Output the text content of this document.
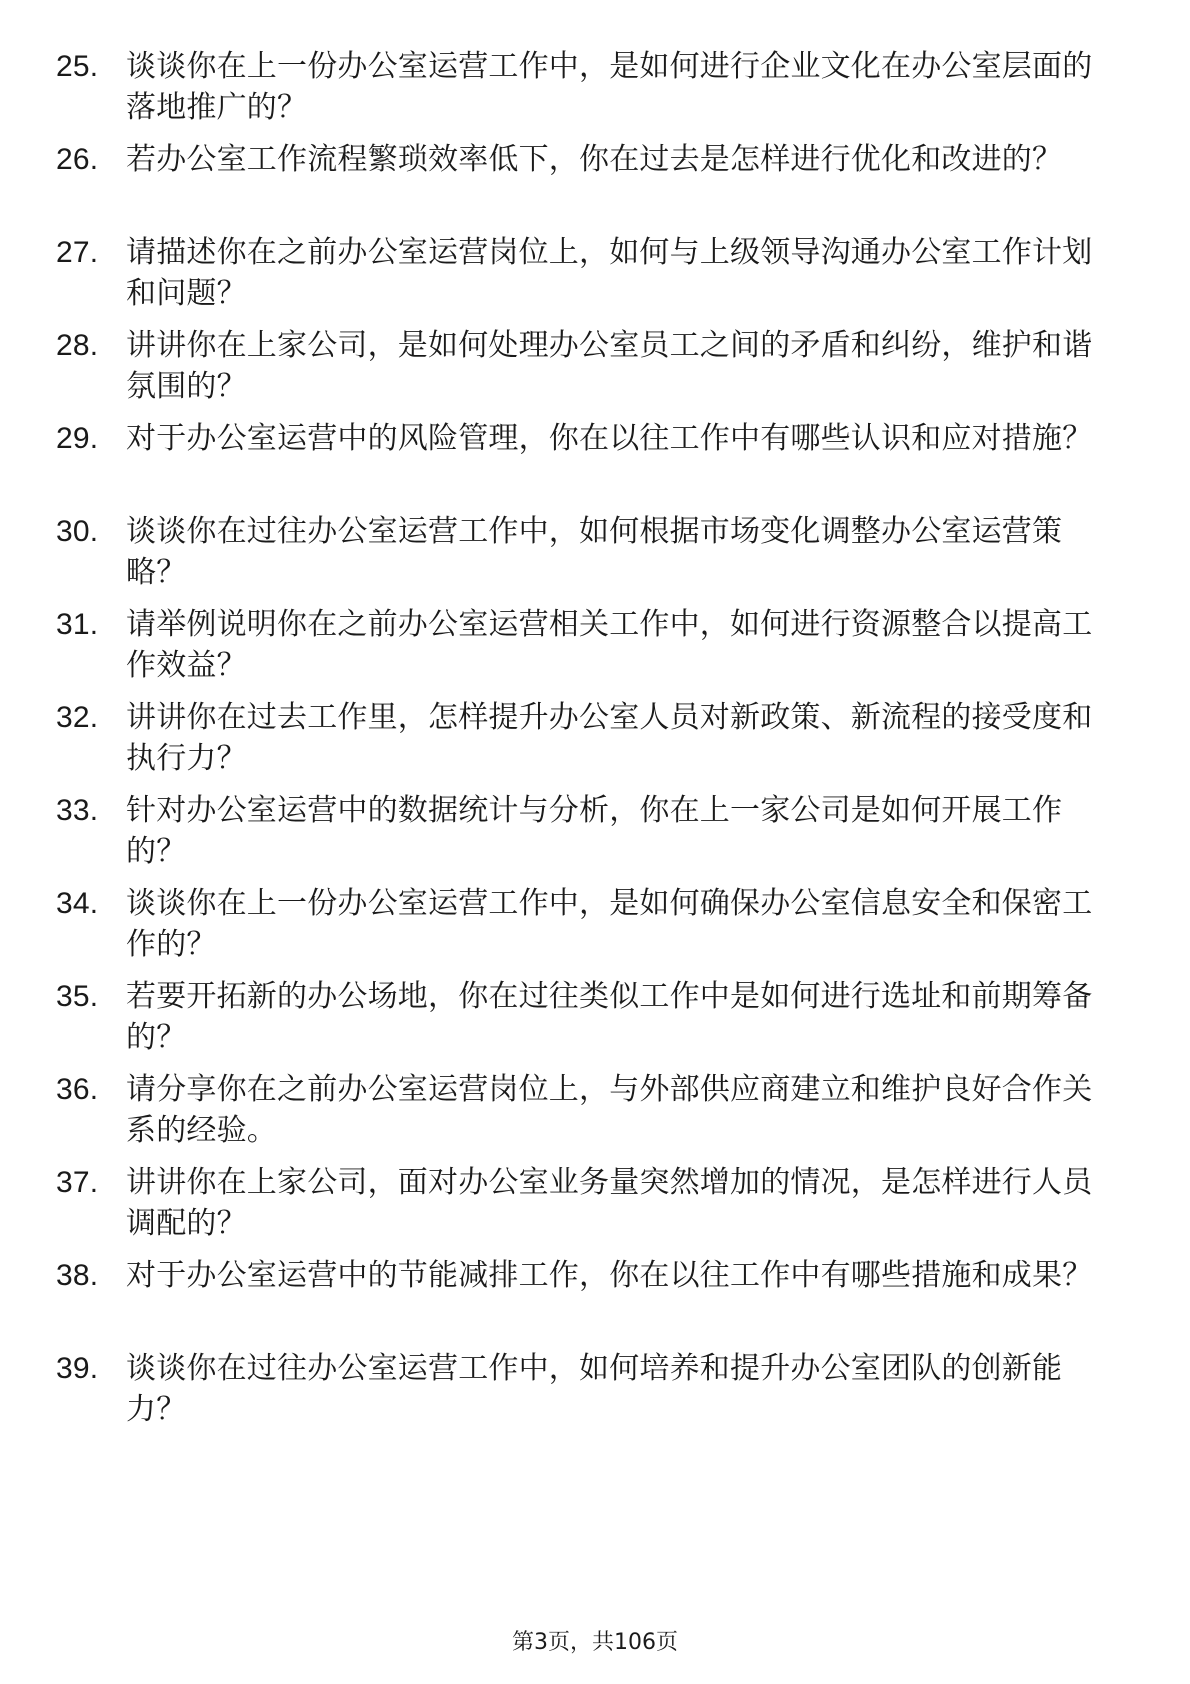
25. 谈谈你在上一份办公室运营工作中，是如何进行企业文化在办公室层面的落地推广的？
26. 若办公室工作流程繁琐效率低下，你在过去是怎样进行优化和改进的？
27. 请描述你在之前办公室运营岗位上，如何与上级领导沟通办公室工作计划和问题？
28. 讲讲你在上家公司，是如何处理办公室员工之间的矛盾和纠纷，维护和谐氛围的？
29. 对于办公室运营中的风险管理，你在以往工作中有哪些认识和应对措施？
30. 谈谈你在过往办公室运营工作中，如何根据市场变化调整办公室运营策略？
31. 请举例说明你在之前办公室运营相关工作中，如何进行资源整合以提高工作效益？
32. 讲讲你在过去工作里，怎样提升办公室人员对新政策、新流程的接受度和执行力？
33. 针对办公室运营中的数据统计与分析，你在上一家公司是如何开展工作的？
34. 谈谈你在上一份办公室运营工作中，是如何确保办公室信息安全和保密工作的？
35. 若要开拓新的办公场地，你在过往类似工作中是如何进行选址和前期筹备的？
36. 请分享你在之前办公室运营岗位上，与外部供应商建立和维护良好合作关系的经验。
37. 讲讲你在上家公司，面对办公室业务量突然增加的情况，是怎样进行人员调配的？
38. 对于办公室运营中的节能减排工作，你在以往工作中有哪些措施和成果？
39. 谈谈你在过往办公室运营工作中，如何培养和提升办公室团队的创新能力？
第3页，共106页
